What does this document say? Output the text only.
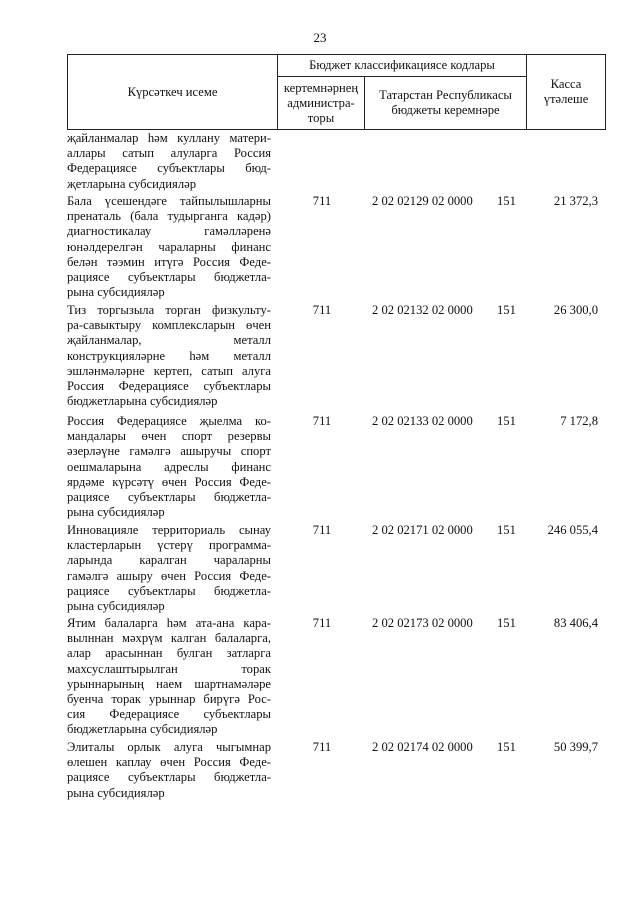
23
Күрсәткеч исеме	Бюджет классификациясе кодлары		Касса
үтәлеше
	кертемнәрнең
администра-
торы	Татарстан Республикасы
бюджеты керемнәре	
җайланмалар һәм куллану матери-
аллары сатып алуларга Россия
Федерациясе субъектлары бюд-
җетларына субсидияләр
Бала үсешендәге тайпылышларны
пренаталь (бала тудырганга кадәр)
диагностикалау гамәлләренә
юнәлдерелгән чараларны финанс
белән тәэмин итүгә Россия Феде-
рациясе субъектлары бюджетла-
рына субсидияләр
711	2 02 02129 02 0000	151	21 372,3
Тиз торгызыла торган физкульту-
ра-савыктыру комплексларын өчен
җайланмалар, металл
конструкцияләрне һәм металл
эшләнмәләрне кертеп, сатып алуга
Россия Федерациясе субъектлары
бюджетларына субсидияләр
711	2 02 02132 02 0000	151	26 300,0
Россия Федерациясе җыелма ко-
мандалары өчен спорт резервы
әзерләүне гамәлгә ашыручы спорт
оешмаларына адреслы финанс
ярдәме күрсәтү өчен Россия Феде-
рациясе субъектлары бюджетла-
рына субсидияләр
711	2 02 02133 02 0000	151	7 172,8
Инновацияле территориаль сынау
кластерларын үстерү программа-
ларында каралган чараларны
гамәлгә ашыру өчен Россия Феде-
рациясе субъектлары бюджетла-
рына субсидияләр
711	2 02 02171 02 0000	151	246 055,4
Ятим балаларга һәм ата-ана кара-
вылннан мәхрүм калган балаларга,
алар арасыннан булган затларга
махсуслаштырылган торак
урыннарының наем шартнамәләре
буенча торак урыннар бирүгә Рос-
сия Федерациясе субъектлары
бюджетларына субсидияләр
711	2 02 02173 02 0000	151	83 406,4
Элиталы орлык алуга чыгымнар
өлешен каплау өчен Россия Феде-
рациясе субъектлары бюджетла-
рына субсидияләр
711	2 02 02174 02 0000	151	50 399,7
